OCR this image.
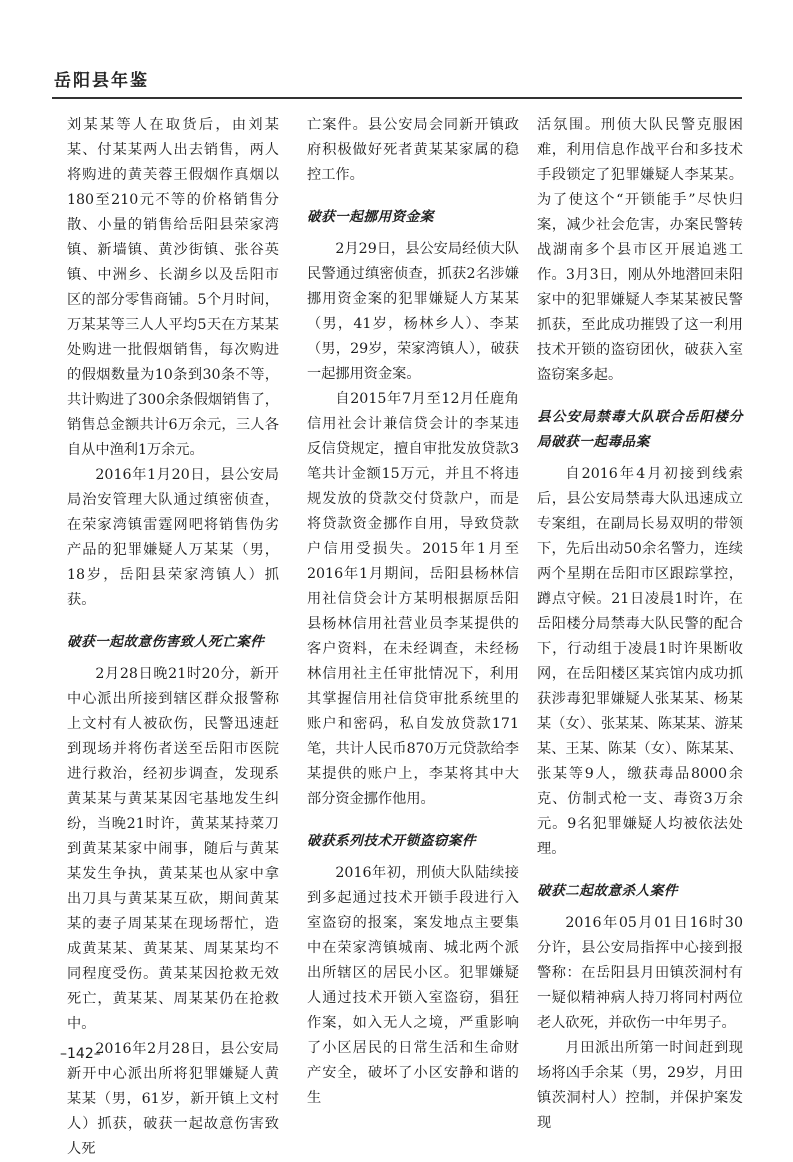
岳阳县年鉴

刘某某等人在取货后，由刘某某、付某某两人出去销售，两人将购进的黄芙蓉王假烟作真烟以180至210元不等的价格销售分散、小量的销售给岳阳县荣家湾镇、新墙镇、黄沙街镇、张谷英镇、中洲乡、长湖乡以及岳阳市区的部分零售商铺。5个月时间，万某某等三人人平均5天在方某某处购进一批假烟销售，每次购进的假烟数量为10条到30条不等，共计购进了300余条假烟销售了，销售总金额共计6万余元，三人各自从中渔利1万余元。

2016年1月20日，县公安局局治安管理大队通过缜密侦查，在荣家湾镇雷霆网吧将销售伪劣产品的犯罪嫌疑人万某某（男，18岁，岳阳县荣家湾镇人）抓获。

破获一起故意伤害致人死亡案件

2月28日晚21时20分，新开中心派出所接到辖区群众报警称上文村有人被砍伤，民警迅速赶到现场并将伤者送至岳阳市医院进行救治，经初步调查，发现系黄某某与黄某某因宅基地发生纠纷，当晚21时许，黄某某持菜刀到黄某某家中闹事，随后与黄某某发生争执，黄某某也从家中拿出刀具与黄某某互砍，期间黄某某的妻子周某某在现场帮忙，造成黄某某、黄某某、周某某均不同程度受伤。黄某某因抢救无效死亡，黄某某、周某某仍在抢救中。

2016年2月28日，县公安局新开中心派出所将犯罪嫌疑人黄某某（男，61岁，新开镇上文村人）抓获，破获一起故意伤害致人死

亡案件。县公安局会同新开镇政府积极做好死者黄某某家属的稳控工作。

破获一起挪用资金案

2月29日，县公安局经侦大队民警通过缜密侦查，抓获2名涉嫌挪用资金案的犯罪嫌疑人方某某（男，41岁，杨林乡人）、李某（男，29岁，荣家湾镇人），破获一起挪用资金案。

自2015年7月至12月任鹿角信用社会计兼信贷会计的李某违反信贷规定，擅自审批发放贷款3笔共计金额15万元，并且不将违规发放的贷款交付贷款户，而是将贷款资金挪作自用，导致贷款户信用受损失。2015年1月至2016年1月期间，岳阳县杨林信用社信贷会计方某明根据原岳阳县杨林信用社营业员李某提供的客户资料，在未经调查，未经杨林信用社主任审批情况下，利用其掌握信用社信贷审批系统里的账户和密码，私自发放贷款171笔，共计人民币870万元贷款给李某提供的账户上，李某将其中大部分资金挪作他用。

破获系列技术开锁盗窃案件

2016年初，刑侦大队陆续接到多起通过技术开锁手段进行入室盗窃的报案，案发地点主要集中在荣家湾镇城南、城北两个派出所辖区的居民小区。犯罪嫌疑人通过技术开锁入室盗窃，猖狂作案，如入无人之境，严重影响了小区居民的日常生活和生命财产安全，破坏了小区安静和谐的生

活氛围。刑侦大队民警克服困难，利用信息作战平台和多技术手段锁定了犯罪嫌疑人李某某。为了使这个“开锁能手”尽快归案，减少社会危害，办案民警转战湖南多个县市区开展追逃工作。3月3日，刚从外地潜回耒阳家中的犯罪嫌疑人李某某被民警抓获，至此成功摧毁了这一利用技术开锁的盗窃团伙，破获入室盗窃案多起。

县公安局禁毒大队联合岳阳楼分局破获一起毒品案

自2016年4月初接到线索后，县公安局禁毒大队迅速成立专案组，在副局长易双明的带领下，先后出动50余名警力，连续两个星期在岳阳市区跟踪掌控，蹲点守候。21日凌晨1时许，在岳阳楼分局禁毒大队民警的配合下，行动组于凌晨1时许果断收网，在岳阳楼区某宾馆内成功抓获涉毒犯罪嫌疑人张某某、杨某某（女）、张某某、陈某某、游某某、王某、陈某（女）、陈某某、张某等9人，缴获毒品8000余克、仿制式枪一支、毒资3万余元。9名犯罪嫌疑人均被依法处理。

破获二起故意杀人案件

2016年05月01日16时30分许，县公安局指挥中心接到报警称：在岳阳县月田镇茨洞村有一疑似精神病人持刀将同村两位老人砍死，并砍伤一中年男子。

月田派出所第一时间赶到现场将凶手余某（男，29岁，月田镇茨洞村人）控制，并保护案发现

–142–
